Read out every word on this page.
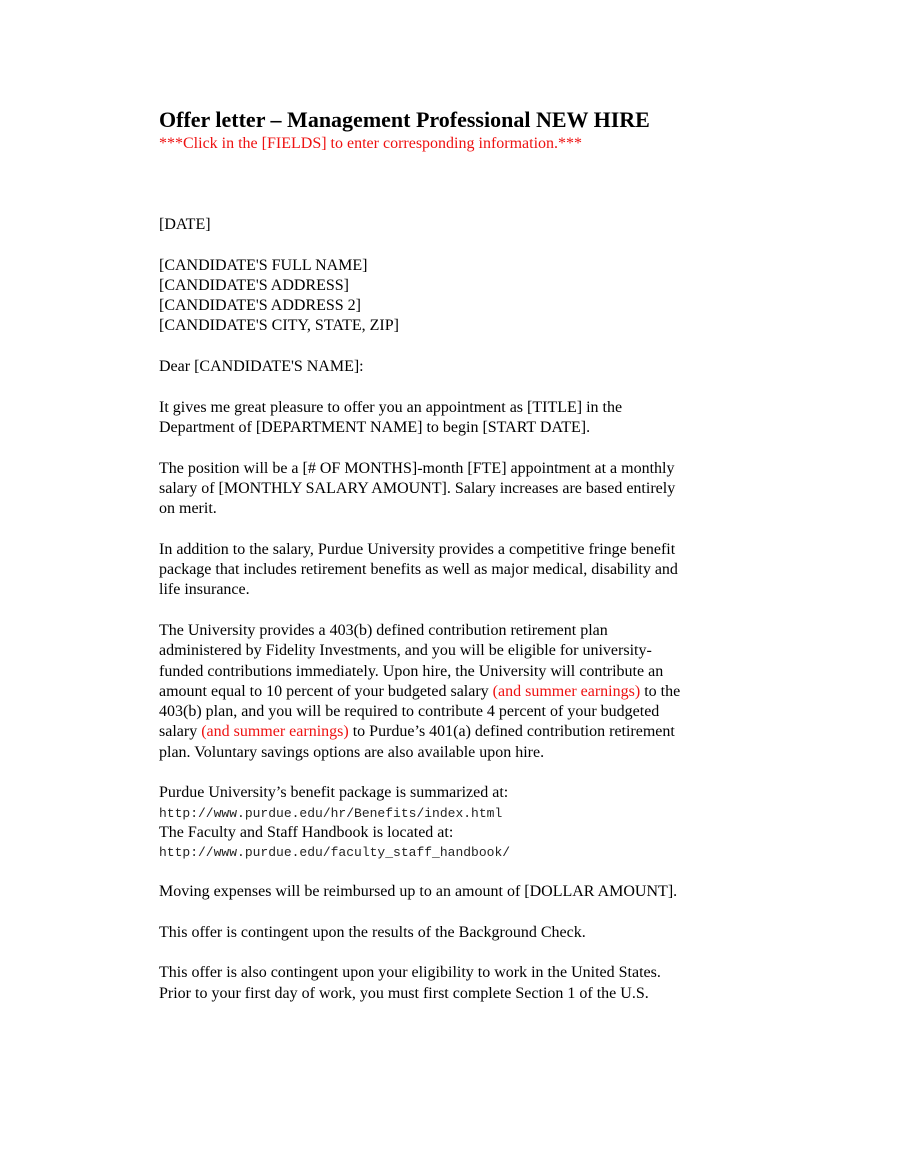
Offer letter – Management Professional NEW HIRE

***Click in the [FIELDS] to enter corresponding information.***

[DATE]

[CANDIDATE'S FULL NAME]

[CANDIDATE'S ADDRESS]

[CANDIDATE'S ADDRESS 2]

[CANDIDATE'S CITY, STATE, ZIP]

Dear [CANDIDATE'S NAME]:

It gives me great pleasure to offer you an appointment as [TITLE] in the

Department of [DEPARTMENT NAME] to begin [START DATE].

The position will be a [# OF MONTHS]-month [FTE] appointment at a monthly

salary of [MONTHLY SALARY AMOUNT]. Salary increases are based entirely

on merit.

In addition to the salary, Purdue University provides a competitive fringe benefit

package that includes retirement benefits as well as major medical, disability and

life insurance.

The University provides a 403(b) defined contribution retirement plan

administered by Fidelity Investments, and you will be eligible for university-

funded contributions immediately. Upon hire, the University will contribute an

amount equal to 10 percent of your budgeted salary (and summer earnings) to the

403(b) plan, and you will be required to contribute 4 percent of your budgeted

salary (and summer earnings) to Purdue’s 401(a) defined contribution retirement

plan. Voluntary savings options are also available upon hire.

Purdue University’s benefit package is summarized at:

http://www.purdue.edu/hr/Benefits/index.html

The Faculty and Staff Handbook is located at:

http://www.purdue.edu/faculty_staff_handbook/

Moving expenses will be reimbursed up to an amount of [DOLLAR AMOUNT].

This offer is contingent upon the results of the Background Check.

This offer is also contingent upon your eligibility to work in the United States.

Prior to your first day of work, you must first complete Section 1 of the U.S.
